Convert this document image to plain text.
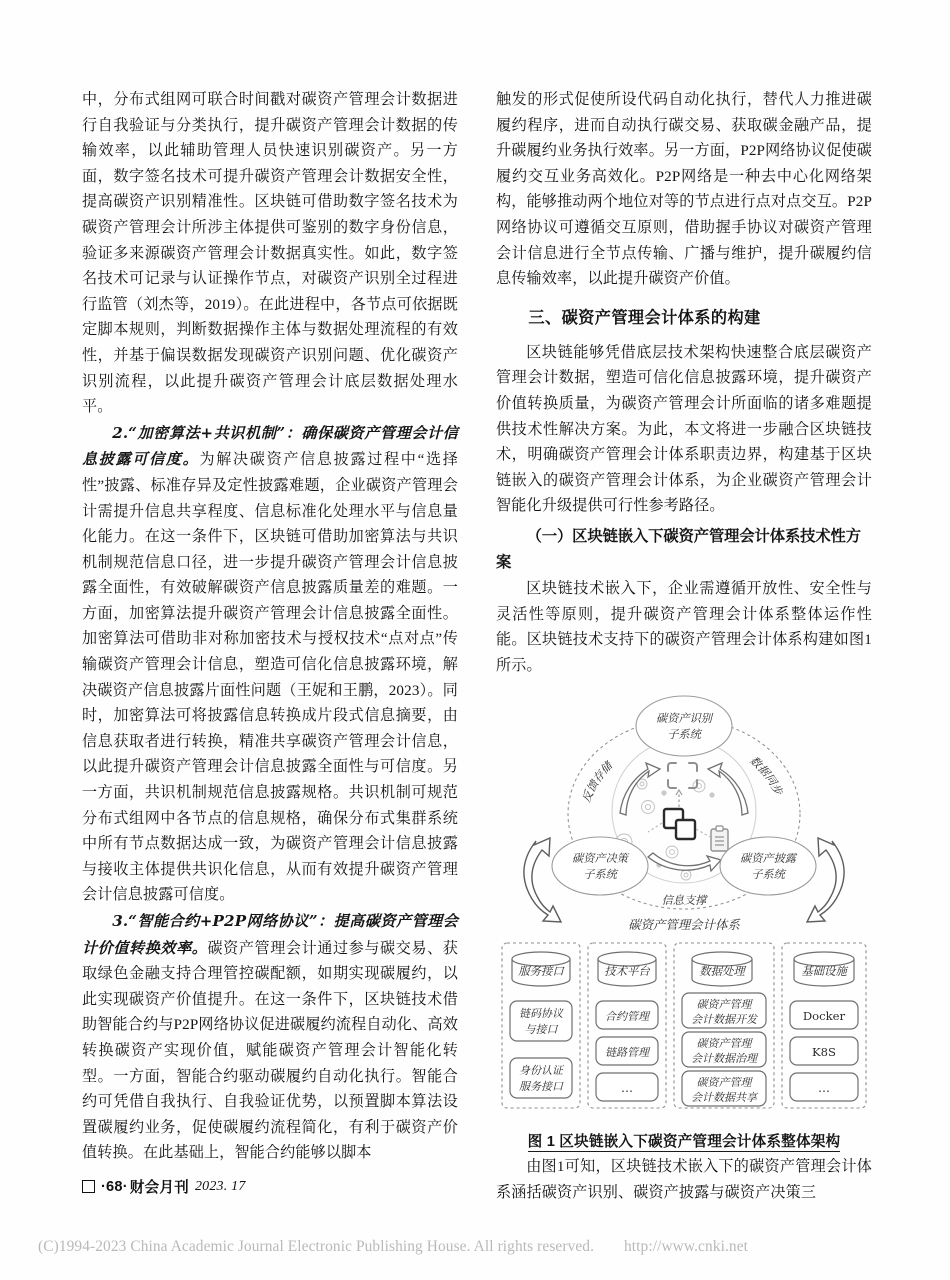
中，分布式组网可联合时间戳对碳资产管理会计数据进行自我验证与分类执行，提升碳资产管理会计数据的传输效率，以此辅助管理人员快速识别碳资产。另一方面，数字签名技术可提升碳资产管理会计数据安全性，提高碳资产识别精准性。区块链可借助数字签名技术为碳资产管理会计所涉主体提供可鉴别的数字身份信息，验证多来源碳资产管理会计数据真实性。如此，数字签名技术可记录与认证操作节点，对碳资产识别全过程进行监管（刘杰等，2019）。在此进程中，各节点可依据既定脚本规则，判断数据操作主体与数据处理流程的有效性，并基于偏误数据发现碳资产识别问题、优化碳资产识别流程，以此提升碳资产管理会计底层数据处理水平。

2.“加密算法+共识机制”：确保碳资产管理会计信息披露可信度。为解决碳资产信息披露过程中“选择性”披露、标准存异及定性披露难题，企业碳资产管理会计需提升信息共享程度、信息标准化处理水平与信息量化能力。在这一条件下，区块链可借助加密算法与共识机制规范信息口径，进一步提升碳资产管理会计信息披露全面性，有效破解碳资产信息披露质量差的难题。一方面，加密算法提升碳资产管理会计信息披露全面性。加密算法可借助非对称加密技术与授权技术“点对点”传输碳资产管理会计信息，塑造可信化信息披露环境，解决碳资产信息披露片面性问题（王妮和王鹏，2023）。同时，加密算法可将披露信息转换成片段式信息摘要，由信息获取者进行转换，精准共享碳资产管理会计信息，以此提升碳资产管理会计信息披露全面性与可信度。另一方面，共识机制规范信息披露规格。共识机制可规范分布式组网中各节点的信息规格，确保分布式集群系统中所有节点数据达成一致，为碳资产管理会计信息披露与接收主体提供共识化信息，从而有效提升碳资产管理会计信息披露可信度。

3.“智能合约+P2P网络协议”：提高碳资产管理会计价值转换效率。碳资产管理会计通过参与碳交易、获取绿色金融支持合理管控碳配额，如期实现碳履约，以此实现碳资产价值提升。在这一条件下，区块链技术借助智能合约与P2P网络协议促进碳履约流程自动化、高效转换碳资产实现价值，赋能碳资产管理会计智能化转型。一方面，智能合约驱动碳履约自动化执行。智能合约可凭借自我执行、自我验证优势，以预置脚本算法设置碳履约业务，促使碳履约流程简化，有利于碳资产价值转换。在此基础上，智能合约能够以脚本

触发的形式促使所设代码自动化执行，替代人力推进碳履约程序，进而自动执行碳交易、获取碳金融产品，提升碳履约业务执行效率。另一方面，P2P网络协议促使碳履约交互业务高效化。P2P网络是一种去中心化网络架构，能够推动两个地位对等的节点进行点对点交互。P2P网络协议可遵循交互原则，借助握手协议对碳资产管理会计信息进行全节点传输、广播与维护，提升碳履约信息传输效率，以此提升碳资产价值。

三、碳资产管理会计体系的构建

区块链能够凭借底层技术架构快速整合底层碳资产管理会计数据，塑造可信化信息披露环境，提升碳资产价值转换质量，为碳资产管理会计所面临的诸多难题提供技术性解决方案。为此，本文将进一步融合区块链技术，明确碳资产管理会计体系职责边界，构建基于区块链嵌入的碳资产管理会计体系，为企业碳资产管理会计智能化升级提供可行性参考路径。

（一）区块链嵌入下碳资产管理会计体系技术性方案

区块链技术嵌入下，企业需遵循开放性、安全性与灵活性等原则，提升碳资产管理会计体系整体运作性能。区块链技术支持下的碳资产管理会计体系构建如图1所示。

碳资产识别
子系统
碳资产决策
子系统
碳资产披露
子系统
反馈存储	数据同步
信息支撑
碳资产管理会计体系
服务接口
链码协议
与接口
身份认证
服务接口
技术平台
合约管理
链路管理
…
数据处理
碳资产管理
会计数据开发
碳资产管理
会计数据治理
碳资产管理
会计数据共享
基础设施
Docker
K8S
…
图 1 区块链嵌入下碳资产管理会计体系整体架构

由图1可知，区块链技术嵌入下的碳资产管理会计体系涵括碳资产识别、碳资产披露与碳资产决策三

·68· 财会月刊 2023. 17
(C)1994-2023 China Academic Journal Electronic Publishing House. All rights reserved. http://www.cnki.net
